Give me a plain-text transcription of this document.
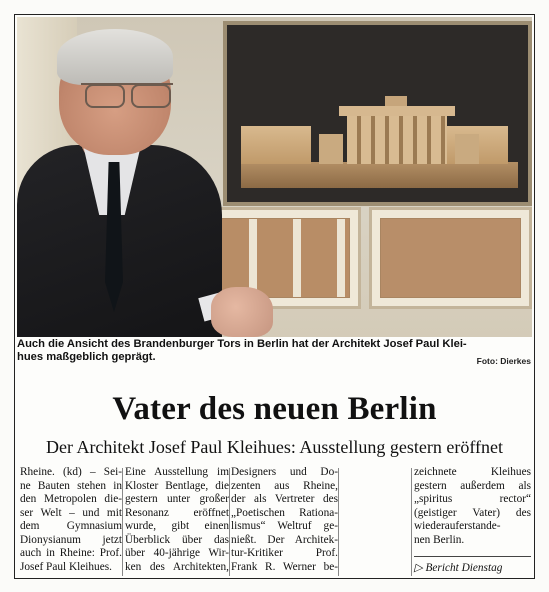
Auch die Ansicht des Brandenburger Tors in Berlin hat der Architekt Josef Paul Klei-
hues maßgeblich geprägt.	Foto: Dierkes
Vater des neuen Berlin
Der Architekt Josef Paul Kleihues: Ausstellung gestern eröffnet
Rheine. (kd) – Sei-
ne Bauten stehen in
den Metropolen die-
ser Welt – und mit
dem Gymnasium
Dionysianum jetzt
auch in Rheine: Prof.
Josef Paul Kleihues.
Eine Ausstellung im
Kloster Bentlage, die
gestern unter großer
Resonanz eröffnet
wurde, gibt einen
Überblick über das
über 40-jährige Wir-
ken des Architekten,
Designers und Do-
zenten aus Rheine,
der als Vertreter des
„Poetischen Rationa-
lismus“ Weltruf ge-
nießt. Der Architek-
tur-Kritiker Prof.
Frank R. Werner be-
zeichnete Kleihues
gestern außerdem als
„spiritus rector“
(geistiger Vater) des
wiederauferstande-
nen Berlin.
▷ Bericht Dienstag
